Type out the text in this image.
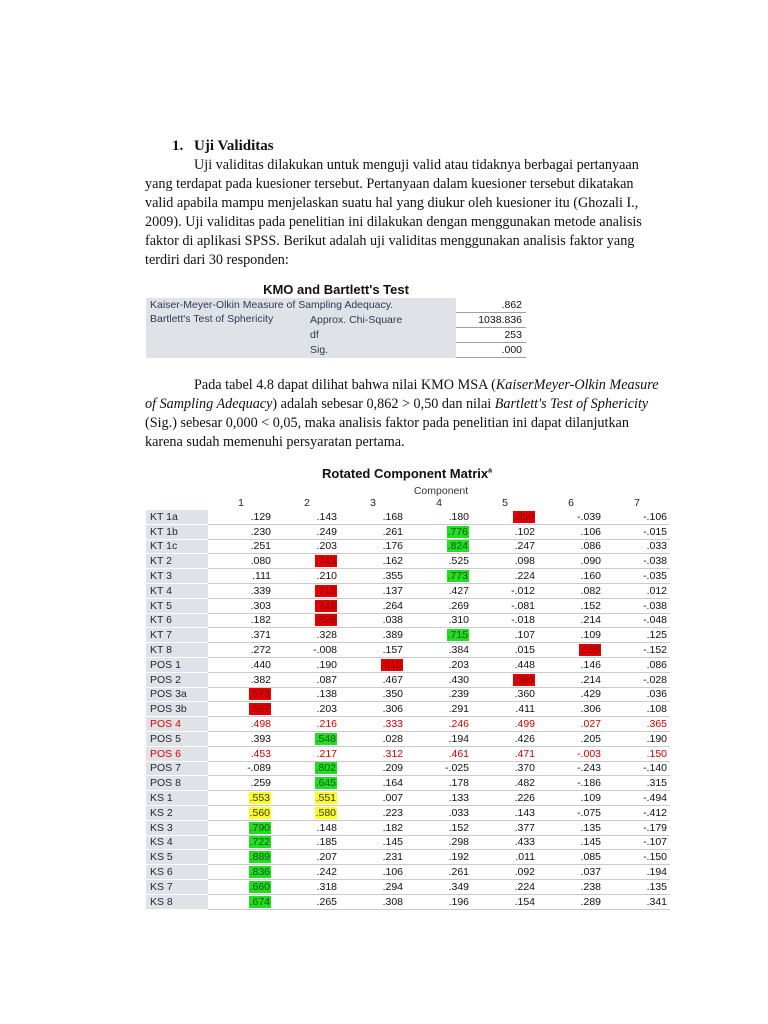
1. Uji Validitas

Uji validitas dilakukan untuk menguji valid atau tidaknya berbagai pertanyaan yang terdapat pada kuesioner tersebut. Pertanyaan dalam kuesioner tersebut dikatakan valid apabila mampu menjelaskan suatu hal yang diukur oleh kuesioner itu (Ghozali I., 2009). Uji validitas pada penelitian ini dilakukan dengan menggunakan metode analisis faktor di aplikasi SPSS. Berikut adalah uji validitas menggunakan analisis faktor yang terdiri dari 30 responden:

KMO and Bartlett's Test
Kaiser-Meyer-Olkin Measure of Sampling Adequacy.		.862
Bartlett's Test of Sphericity	Approx. Chi-Square	1038.836
	df	253
	Sig.	.000

Pada tabel 4.8 dapat dilihat bahwa nilai KMO MSA (KaiserMeyer-Olkin Measure of Sampling Adequacy) adalah sebesar 0,862 > 0,50 dan nilai Bartlett's Test of Sphericity (Sig.) sebesar 0,000 < 0,05, maka analisis faktor pada penelitian ini dapat dilanjutkan karena sudah memenuhi persyaratan pertama.

Rotated Component Matrix$^a$
Component
	1	2	3	4	5	6	7
KT 1a	.129	.143	.168	.180	.850	-.039	-.106
KT 1b	.230	.249	.261	.776	.102	.106	-.015
KT 1c	.251	.203	.176	.824	.247	.086	.033
KT 2	.080	.743	.162	.525	.098	.090	-.038
KT 3	.111	.210	.355	.773	.224	.160	-.035
KT 4	.339	.713	.137	.427	-.012	.082	.012
KT 5	.303	.748	.264	.269	-.081	.152	-.038
KT 6	.182	.828	.038	.310	-.018	.214	-.048
KT 7	.371	.328	.389	.715	.107	.109	.125
KT 8	.272	-.008	.157	.384	.015	.655	-.152
POS 1	.440	.190	.610	.203	.448	.146	.086
POS 2	.382	.087	.467	.430	.586	.214	-.028
POS 3a	.573	.138	.350	.239	.360	.429	.036
POS 3b	.587	.203	.306	.291	.411	.306	.108
POS 4	.498	.216	.333	.246	.499	.027	.365
POS 5	.393	.548	.028	.194	.426	.205	.190
POS 6	.453	.217	.312	.461	.471	-.003	.150
POS 7	-.089	.802	.209	-.025	.370	-.243	-.140
POS 8	.259	.645	.164	.178	.482	-.186	.315
KS 1	.553	.551	.007	.133	.226	.109	-.494
KS 2	.560	.580	.223	.033	.143	-.075	-.412
KS 3	.790	.148	.182	.152	.377	.135	-.179
KS 4	.722	.185	.145	.298	.433	.145	-.107
KS 5	.889	.207	.231	.192	.011	.085	-.150
KS 6	.836	.242	.106	.261	.092	.037	.194
KS 7	.660	.318	.294	.349	.224	.238	.135
KS 8	.674	.265	.308	.196	.154	.289	.341
